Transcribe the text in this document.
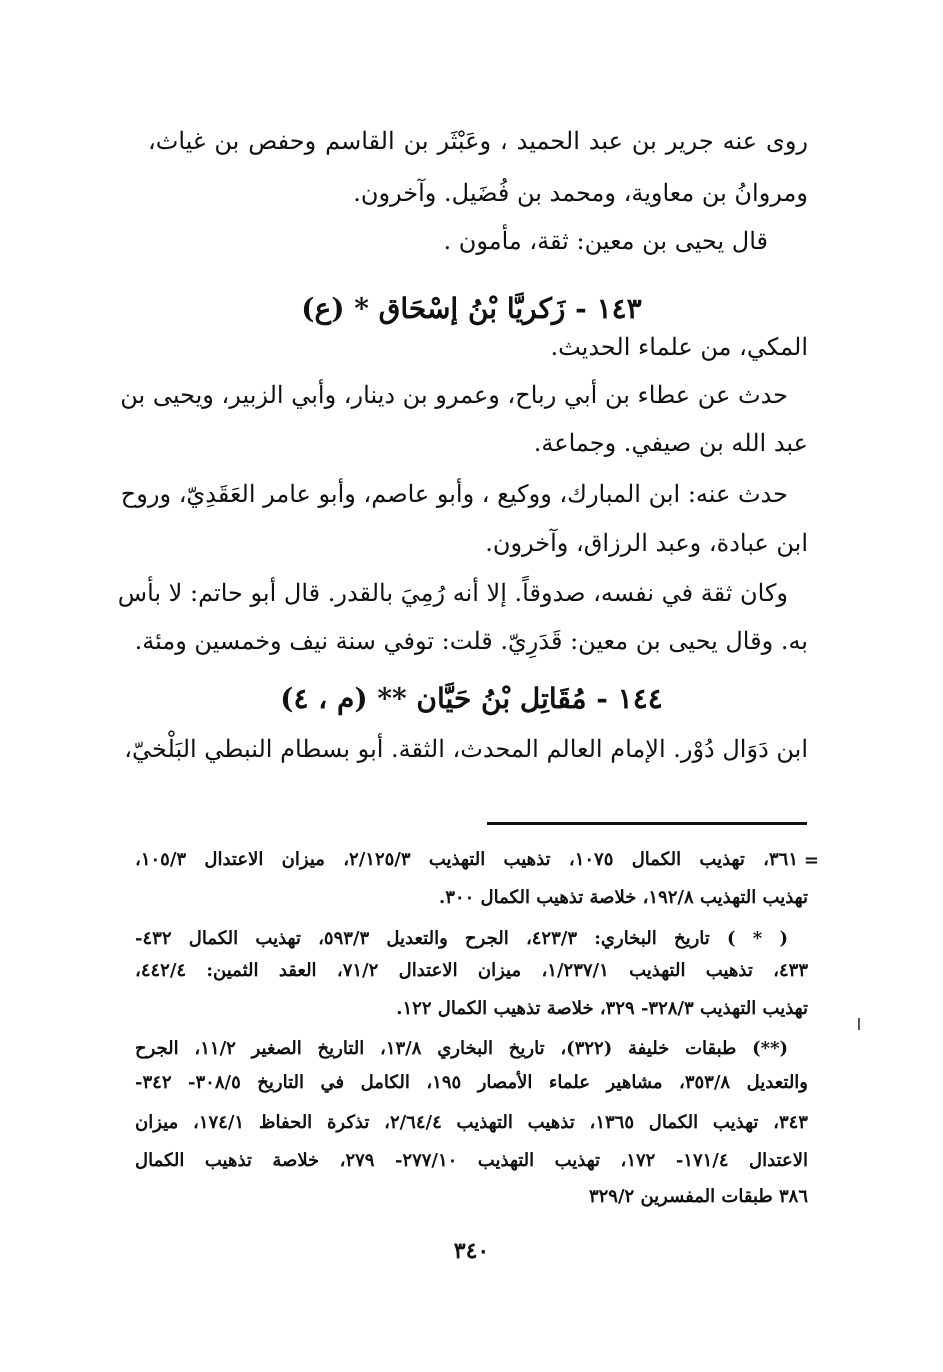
روى عنه جرير بن عبد الحميد ، وعَبْثَر بن القاسم وحفص بن غياث،
ومروانُ بن معاوية، ومحمد بن فُضَيل. وآخرون.
قال يحيى بن معين: ثقة، مأمون .
١٤٣ - زَكريَّا بْنُ إسْحَاق * (ع)
المكي، من علماء الحديث.
حدث عن عطاء بن أبي رباح، وعمرو بن دينار، وأبي الزبير، ويحيى بن
عبد الله بن صيفي. وجماعة.
حدث عنه: ابن المبارك، ووكيع ، وأبو عاصم، وأبو عامر العَقَدِيّ، وروح
ابن عبادة، وعبد الرزاق، وآخرون.
وكان ثقة في نفسه، صدوقاً. إلا أنه رُمِيَ بالقدر. قال أبو حاتم: لا بأس
به. وقال يحيى بن معين: قَدَرِيّ. قلت: توفي سنة نيف وخمسين ومئة.
١٤٤ - مُقَاتِل بْنُ حَيَّان ** (م ، ٤)
ابن دَوَال دُوْر. الإمام العالم المحدث، الثقة. أبو بسطام النبطي البَلْخيّ،
=
٣٦١، تهذيب الكمال ١٠٧٥، تذهيب التهذيب ٢/١٢٥/٣، ميزان الاعتدال ١٠٥/٣،
تهذيب التهذيب ١٩٢/٨، خلاصة تذهيب الكمال ٣٠٠.
( * ) تاريخ البخاري: ٤٢٣/٣، الجرح والتعديل ٥٩٣/٣، تهذيب الكمال ٤٣٢-
٤٣٣، تذهيب التهذيب ١/٢٣٧/١، ميزان الاعتدال ٧١/٢، العقد الثمين: ٤٤٢/٤،
تهذيب التهذيب ٣٢٨/٣- ٣٢٩، خلاصة تذهيب الكمال ١٢٢.
(**) طبقات خليفة (٣٢٢)، تاريخ البخاري ١٣/٨، التاريخ الصغير ١١/٢، الجرح
والتعديل ٣٥٣/٨، مشاهير علماء الأمصار ١٩٥، الكامل في التاريخ ٣٠٨/٥- ٣٤٢-
٣٤٣، تهذيب الكمال ١٣٦٥، تذهيب التهذيب ٢/٦٤/٤، تذكرة الحفاظ ١٧٤/١، ميزان
الاعتدال ١٧١/٤- ١٧٢، تهذيب التهذيب ٢٧٧/١٠- ٢٧٩، خلاصة تذهيب الكمال
٣٨٦ طبقات المفسرين ٣٢٩/٢
٣٤٠
